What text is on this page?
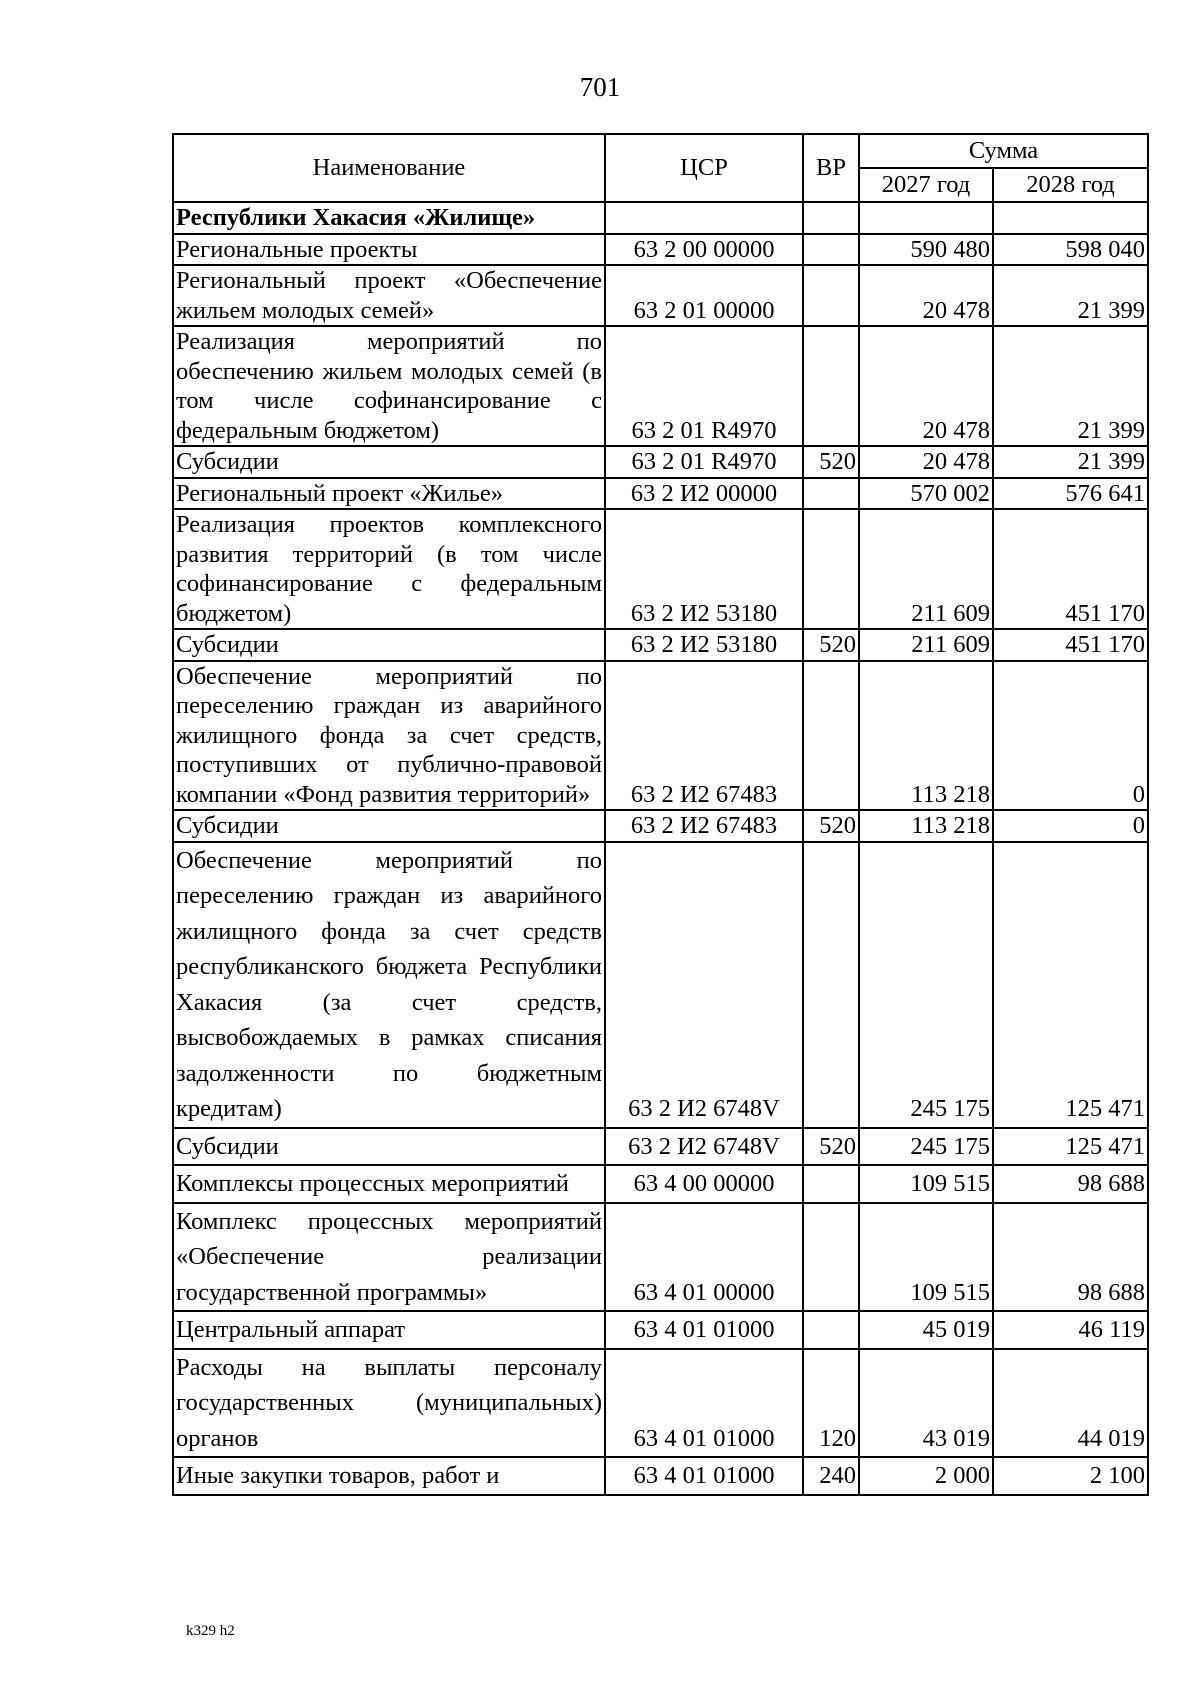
701
Наименование	ЦСР	ВР	Сумма	
			2027 год	2028 год
Республики Хакасия «Жилище»				
Региональные проекты	63 2 00 00000		590 480	598 040
Региональный проект «Обеспечение жильем молодых семей»	63 2 01 00000		20 478	21 399
Реализация мероприятий по обеспечению жильем молодых семей (в том числе софинансирование с федеральным бюджетом)	63 2 01 R4970		20 478	21 399
Субсидии	63 2 01 R4970	520	20 478	21 399
Региональный проект «Жилье»	63 2 И2 00000		570 002	576 641
Реализация проектов комплексного развития территорий (в том числе софинансирование с федеральным бюджетом)	63 2 И2 53180		211 609	451 170
Субсидии	63 2 И2 53180	520	211 609	451 170
Обеспечение мероприятий по переселению граждан из аварийного жилищного фонда за счет средств, поступивших от публично-правовой компании «Фонд развития территорий»	63 2 И2 67483		113 218	0
Субсидии	63 2 И2 67483	520	113 218	0
Обеспечение мероприятий по переселению граждан из аварийного жилищного фонда за счет средств республиканского бюджета Республики Хакасия (за счет средств, высвобождаемых в рамках списания задолженности по бюджетным кредитам)	63 2 И2 6748V		245 175	125 471
Субсидии	63 2 И2 6748V	520	245 175	125 471
Комплексы процессных мероприятий	63 4 00 00000		109 515	98 688
Комплекс процессных мероприятий «Обеспечение реализации государственной программы»	63 4 01 00000		109 515	98 688
Центральный аппарат	63 4 01 01000		45 019	46 119
Расходы на выплаты персоналу государственных (муниципальных) органов	63 4 01 01000	120	43 019	44 019
Иные закупки товаров, работ и	63 4 01 01000	240	2 000	2 100
k329 h2
